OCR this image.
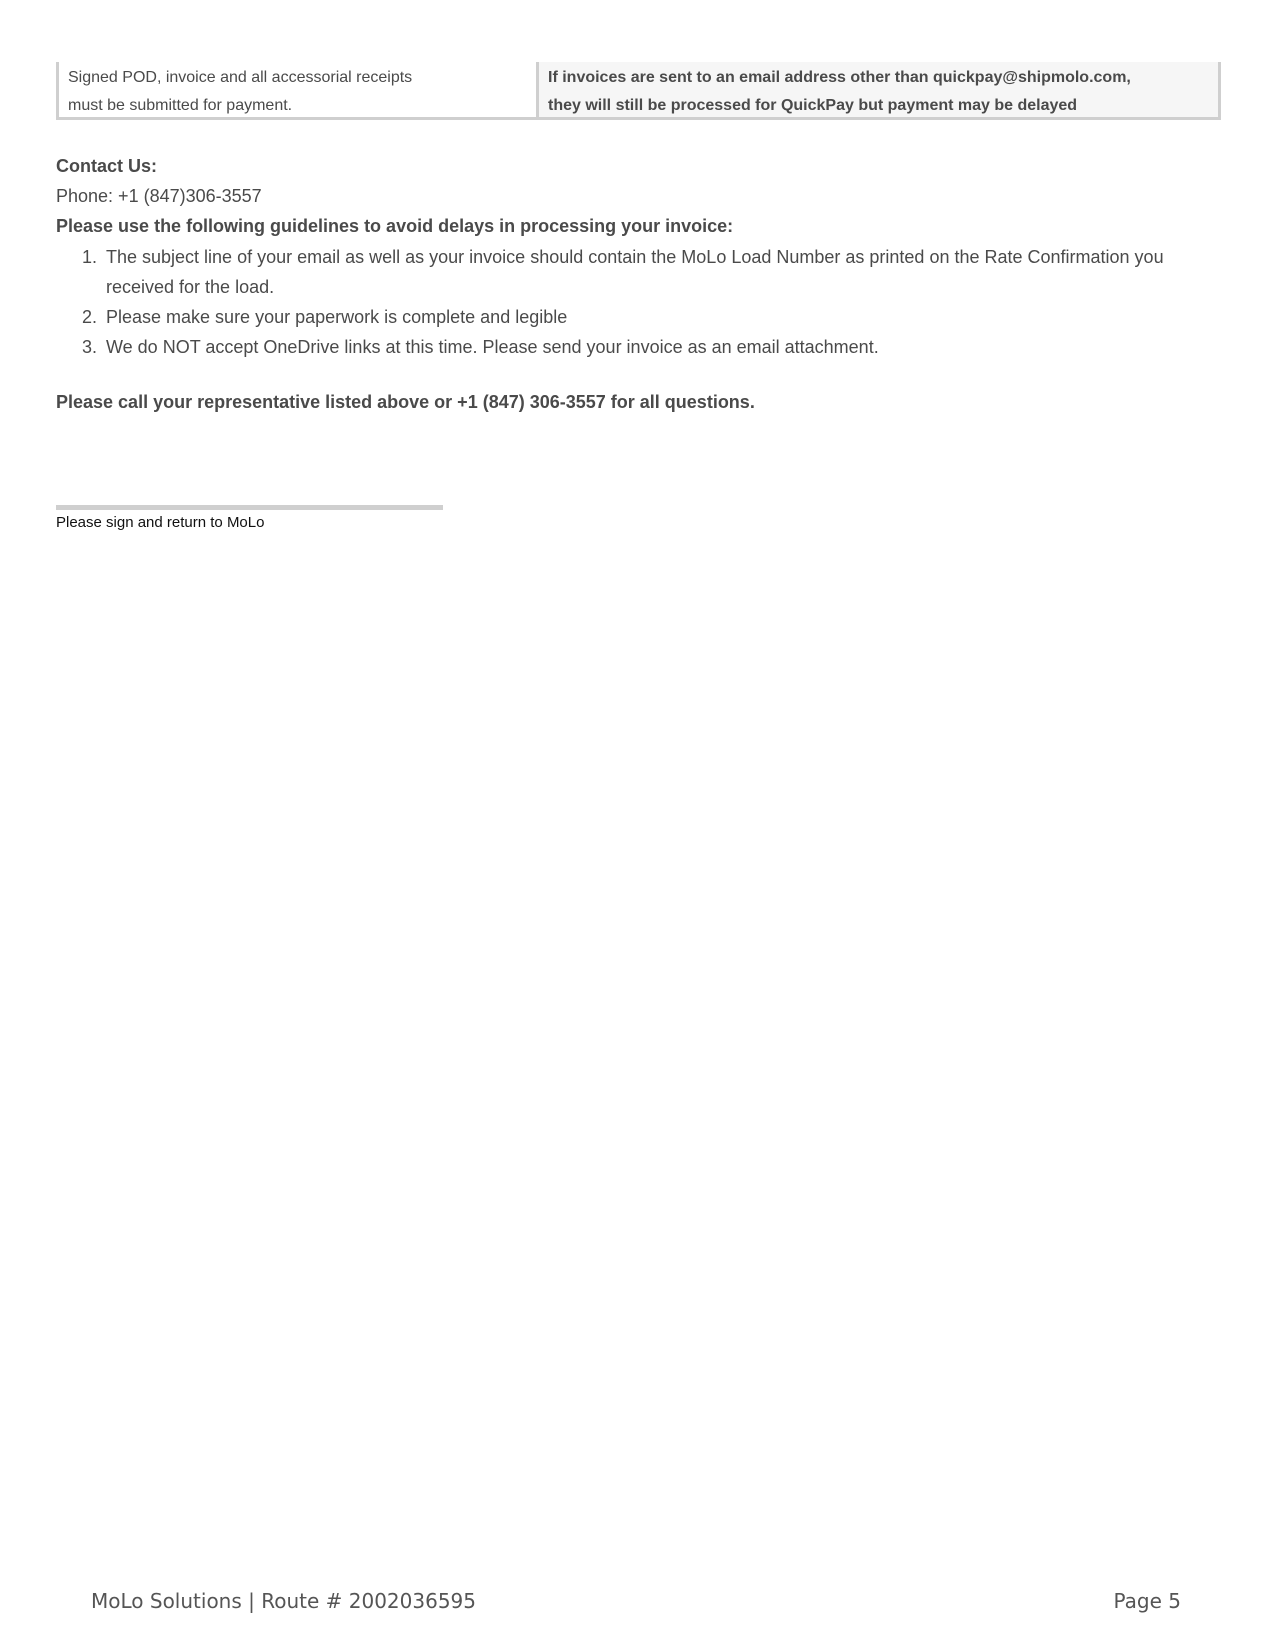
Signed POD, invoice and all accessorial receipts
must be submitted for payment.
If invoices are sent to an email address other than quickpay@shipmolo.com,
they will still be processed for QuickPay but payment may be delayed
Contact Us:
Phone: +1 (847)306-3557
Please use the following guidelines to avoid delays in processing your invoice:
1. The subject line of your email as well as your invoice should contain the MoLo Load Number as printed on the Rate Confirmation you
received for the load.
2. Please make sure your paperwork is complete and legible
3. We do NOT accept OneDrive links at this time. Please send your invoice as an email attachment.
Please call your representative listed above or +1 (847) 306-3557 for all questions.
Please sign and return to MoLo
MoLo Solutions | Route # 2002036595	Page 5
